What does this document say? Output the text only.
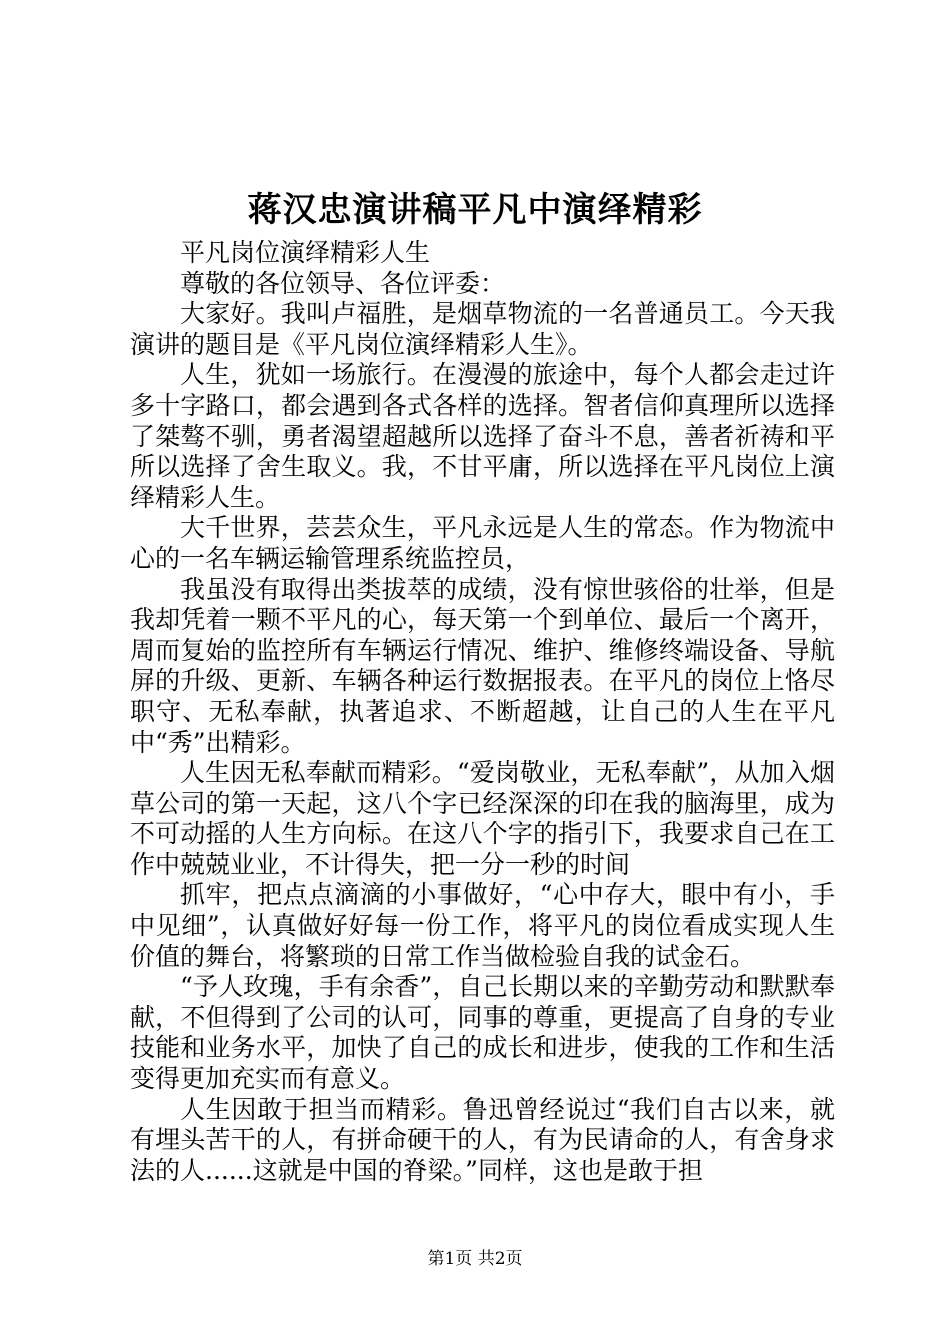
蒋汉忠演讲稿平凡中演绎精彩

平凡岗位演绎精彩人生

尊敬的各位领导、各位评委：

大家好。我叫卢福胜，是烟草物流的一名普通员工。今天我演讲的题目是《平凡岗位演绎精彩人生》。

人生，犹如一场旅行。在漫漫的旅途中，每个人都会走过许多十字路口，都会遇到各式各样的选择。智者信仰真理所以选择了桀骜不驯，勇者渴望超越所以选择了奋斗不息，善者祈祷和平所以选择了舍生取义。我，不甘平庸，所以选择在平凡岗位上演绎精彩人生。

大千世界，芸芸众生，平凡永远是人生的常态。作为物流中心的一名车辆运输管理系统监控员，

我虽没有取得出类拔萃的成绩，没有惊世骇俗的壮举，但是我却凭着一颗不平凡的心，每天第一个到单位、最后一个离开，周而复始的监控所有车辆运行情况、维护、维修终端设备、导航屏的升级、更新、车辆各种运行数据报表。在平凡的岗位上恪尽职守、无私奉献，执著追求、不断超越，让自己的人生在平凡中“秀”出精彩。

人生因无私奉献而精彩。“爱岗敬业，无私奉献”，从加入烟草公司的第一天起，这八个字已经深深的印在我的脑海里，成为不可动摇的人生方向标。在这八个字的指引下，我要求自己在工作中兢兢业业，不计得失，把一分一秒的时间

抓牢，把点点滴滴的小事做好，“心中存大，眼中有小，手中见细”，认真做好好每一份工作，将平凡的岗位看成实现人生价值的舞台，将繁琐的日常工作当做检验自我的试金石。

“予人玫瑰，手有余香”，自己长期以来的辛勤劳动和默默奉献，不但得到了公司的认可，同事的尊重，更提高了自身的专业技能和业务水平，加快了自己的成长和进步，使我的工作和生活变得更加充实而有意义。

人生因敢于担当而精彩。鲁迅曾经说过“我们自古以来，就有埋头苦干的人，有拼命硬干的人，有为民请命的人，有舍身求法的人......这就是中国的脊梁。”同样，这也是敢于担

第1页 共2页
